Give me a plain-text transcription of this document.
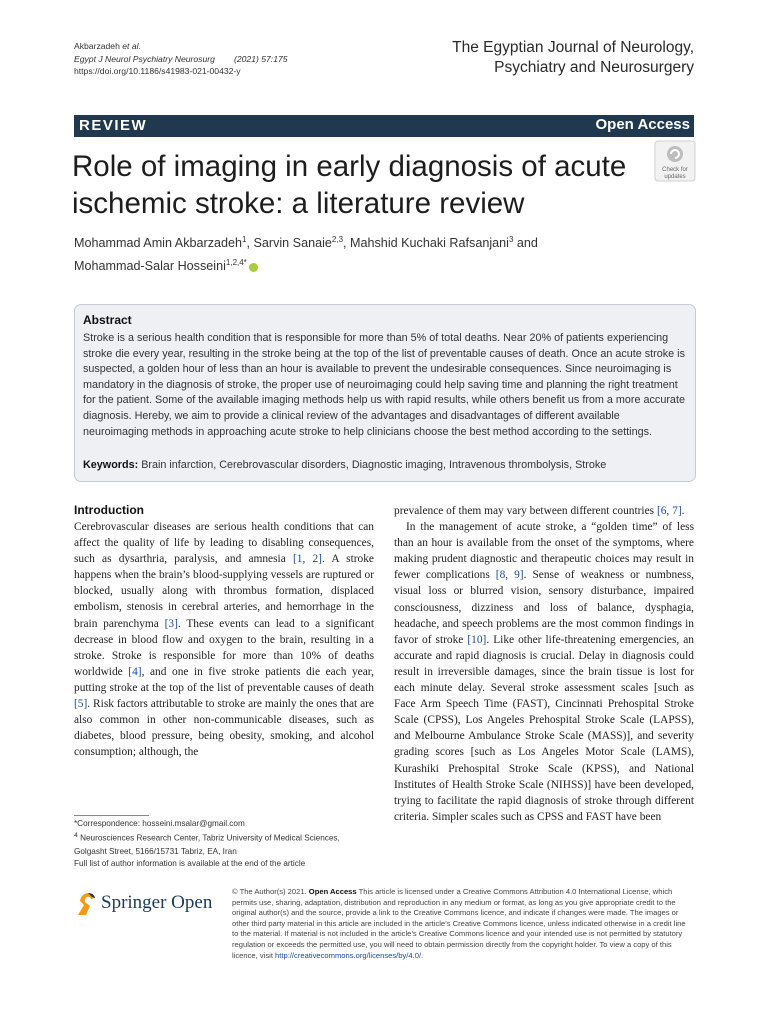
Akbarzadeh et al.
Egypt J Neurol Psychiatry Neurosurg (2021) 57:175
https://doi.org/10.1186/s41983-021-00432-y
The Egyptian Journal of Neurology,
Psychiatry and Neurosurgery
REVIEW	Open Access
Role of imaging in early diagnosis of acute ischemic stroke: a literature review
Check for
updates
Mohammad Amin Akbarzadeh$^1$, Sarvin Sanaie$^{2,3}$, Mahshid Kuchaki Rafsanjani$^3$ and
Mohammad-Salar Hosseini$^{1,2,4*}$
Abstract
Stroke is a serious health condition that is responsible for more than 5% of total deaths. Near 20% of patients experiencing stroke die every year, resulting in the stroke being at the top of the list of preventable causes of death. Once an acute stroke is suspected, a golden hour of less than an hour is available to prevent the undesirable consequences. Since neuroimaging is mandatory in the diagnosis of stroke, the proper use of neuroimaging could help saving time and planning the right treatment for the patient. Some of the available imaging methods help us with rapid results, while others benefit us from a more accurate diagnosis. Hereby, we aim to provide a clinical review of the advantages and disadvantages of different available neuroimaging methods in approaching acute stroke to help clinicians choose the best method according to the settings.
Keywords: Brain infarction, Cerebrovascular disorders, Diagnostic imaging, Intravenous thrombolysis, Stroke
Introduction

Cerebrovascular diseases are serious health conditions that can affect the quality of life by leading to disabling consequences, such as dysarthria, paralysis, and amnesia [1, 2]. A stroke happens when the brain’s blood-supplying vessels are ruptured or blocked, usually along with thrombus formation, displaced embolism, stenosis in cerebral arteries, and hemorrhage in the brain parenchyma [3]. These events can lead to a significant decrease in blood flow and oxygen to the brain, resulting in a stroke. Stroke is responsible for more than 10% of deaths worldwide [4], and one in five stroke patients die each year, putting stroke at the top of the list of preventable causes of death [5]. Risk factors attributable to stroke are mainly the ones that are also common in other non-communicable diseases, such as diabetes, blood pressure, being obesity, smoking, and alcohol consumption; although, the

prevalence of them may vary between different countries [6, 7].

In the management of acute stroke, a “golden time” of less than an hour is available from the onset of the symptoms, where making prudent diagnostic and therapeutic choices may result in fewer complications [8, 9]. Sense of weakness or numbness, visual loss or blurred vision, sensory disturbance, impaired consciousness, dizziness and loss of balance, dysphagia, headache, and speech problems are the most common findings in favor of stroke [10]. Like other life-threatening emergencies, an accurate and rapid diagnosis is crucial. Delay in diagnosis could result in irreversible damages, since the brain tissue is lost for each minute delay. Several stroke assessment scales [such as Face Arm Speech Time (FAST), Cincinnati Prehospital Stroke Scale (CPSS), Los Angeles Prehospital Stroke Scale (LAPSS), and Melbourne Ambulance Stroke Scale (MASS)], and severity grading scores [such as Los Angeles Motor Scale (LAMS), Kurashiki Prehospital Stroke Scale (KPSS), and National Institutes of Health Stroke Scale (NIHSS)] have been developed, trying to facilitate the rapid diagnosis of stroke through different criteria. Simpler scales such as CPSS and FAST have been

*Correspondence: hosseini.msalar@gmail.com
$^4$ Neurosciences Research Center, Tabriz University of Medical Sciences, Golgasht Street, 5166/15731 Tabriz, EA, Iran
Full list of author information is available at the end of the article
Springer Open
© The Author(s) 2021. Open Access This article is licensed under a Creative Commons Attribution 4.0 International License, which permits use, sharing, adaptation, distribution and reproduction in any medium or format, as long as you give appropriate credit to the original author(s) and the source, provide a link to the Creative Commons licence, and indicate if changes were made. The images or other third party material in this article are included in the article’s Creative Commons licence, unless indicated otherwise in a credit line to the material. If material is not included in the article’s Creative Commons licence and your intended use is not permitted by statutory regulation or exceeds the permitted use, you will need to obtain permission directly from the copyright holder. To view a copy of this licence, visit http://creativecommons.org/licenses/by/4.0/.
